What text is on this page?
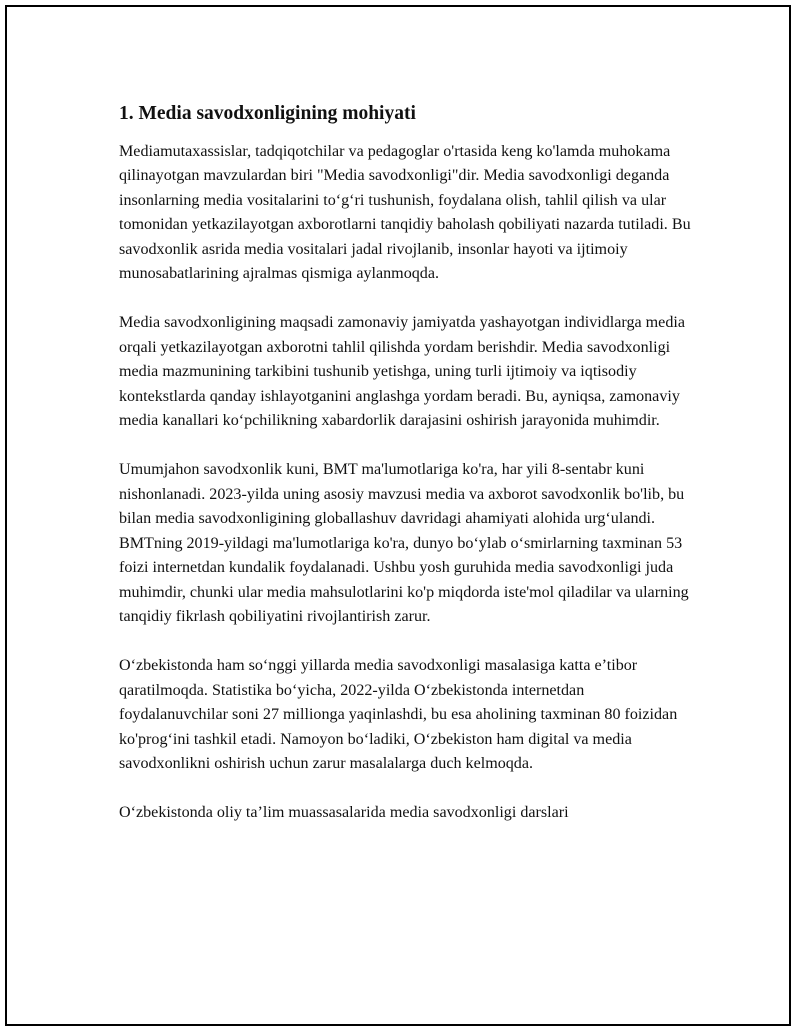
1. Media savodxonligining mohiyati

Mediamutaxassislar, tadqiqotchilar va pedagoglar o'rtasida keng ko'lamda muhokama qilinayotgan mavzulardan biri "Media savodxonligi"dir. Media savodxonligi deganda insonlarning media vositalarini to‘g‘ri tushunish, foydalana olish, tahlil qilish va ular tomonidan yetkazilayotgan axborotlarni tanqidiy baholash qobiliyati nazarda tutiladi. Bu savodxonlik asrida media vositalari jadal rivojlanib, insonlar hayoti va ijtimoiy munosabatlarining ajralmas qismiga aylanmoqda.

Media savodxonligining maqsadi zamonaviy jamiyatda yashayotgan individlarga media orqali yetkazilayotgan axborotni tahlil qilishda yordam berishdir. Media savodxonligi media mazmunining tarkibini tushunib yetishga, uning turli ijtimoiy va iqtisodiy kontekstlarda qanday ishlayotganini anglashga yordam beradi. Bu, ayniqsa, zamonaviy media kanallari ko‘pchilikning xabardorlik darajasini oshirish jarayonida muhimdir.

Umumjahon savodxonlik kuni, BMT ma'lumotlariga ko'ra, har yili 8-sentabr kuni nishonlanadi. 2023-yilda uning asosiy mavzusi media va axborot savodxonlik bo'lib, bu bilan media savodxonligining globallashuv davridagi ahamiyati alohida urg‘ulandi. BMTning 2019-yildagi ma'lumotlariga ko'ra, dunyo bo‘ylab o‘smirlarning taxminan 53 foizi internetdan kundalik foydalanadi. Ushbu yosh guruhida media savodxonligi juda muhimdir, chunki ular media mahsulotlarini ko'p miqdorda iste'mol qiladilar va ularning tanqidiy fikrlash qobiliyatini rivojlantirish zarur.

O‘zbekistonda ham so‘nggi yillarda media savodxonligi masalasiga katta e’tibor qaratilmoqda. Statistika bo‘yicha, 2022-yilda O‘zbekistonda internetdan foydalanuvchilar soni 27 millionga yaqinlashdi, bu esa aholining taxminan 80 foizidan ko'prog‘ini tashkil etadi. Namoyon bo‘ladiki, O‘zbekiston ham digital va media savodxonlikni oshirish uchun zarur masalalarga duch kelmoqda.

O‘zbekistonda oliy ta’lim muassasalarida media savodxonligi darslari
